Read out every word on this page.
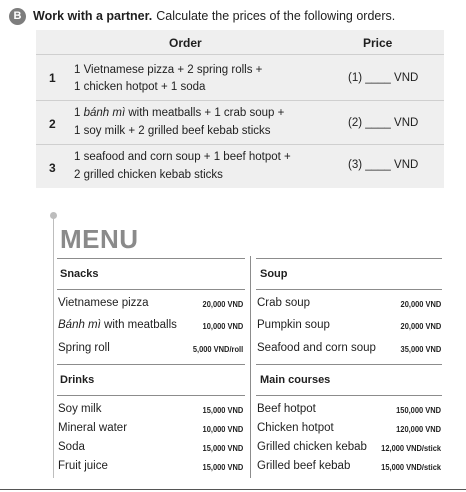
B Work with a partner. Calculate the prices of the following orders.
Order	Price
1
1 Vietnamese pizza + 2 spring rolls +
1 chicken hotpot + 1 soda
(1) ____ VND
2
1 bánh mì with meatballs + 1 crab soup +
1 soy milk + 2 grilled beef kebab sticks
(2) ____ VND
3
1 seafood and corn soup + 1 beef hotpot +
2 grilled chicken kebab sticks
(3) ____ VND
MENU
Snacks	Soup
Drinks	Main courses
Vietnamese pizza	20,000 VND
Bánh mì with meatballs	10,000 VND
Spring roll	5,000 VND/roll
Crab soup	20,000 VND
Pumpkin soup	20,000 VND
Seafood and corn soup	35,000 VND
Soy milk	15,000 VND
Mineral water	10,000 VND
Soda	15,000 VND
Fruit juice	15,000 VND
Beef hotpot	150,000 VND
Chicken hotpot	120,000 VND
Grilled chicken kebab 12,000 VND/stick
Grilled beef kebab	15,000 VND/stick
